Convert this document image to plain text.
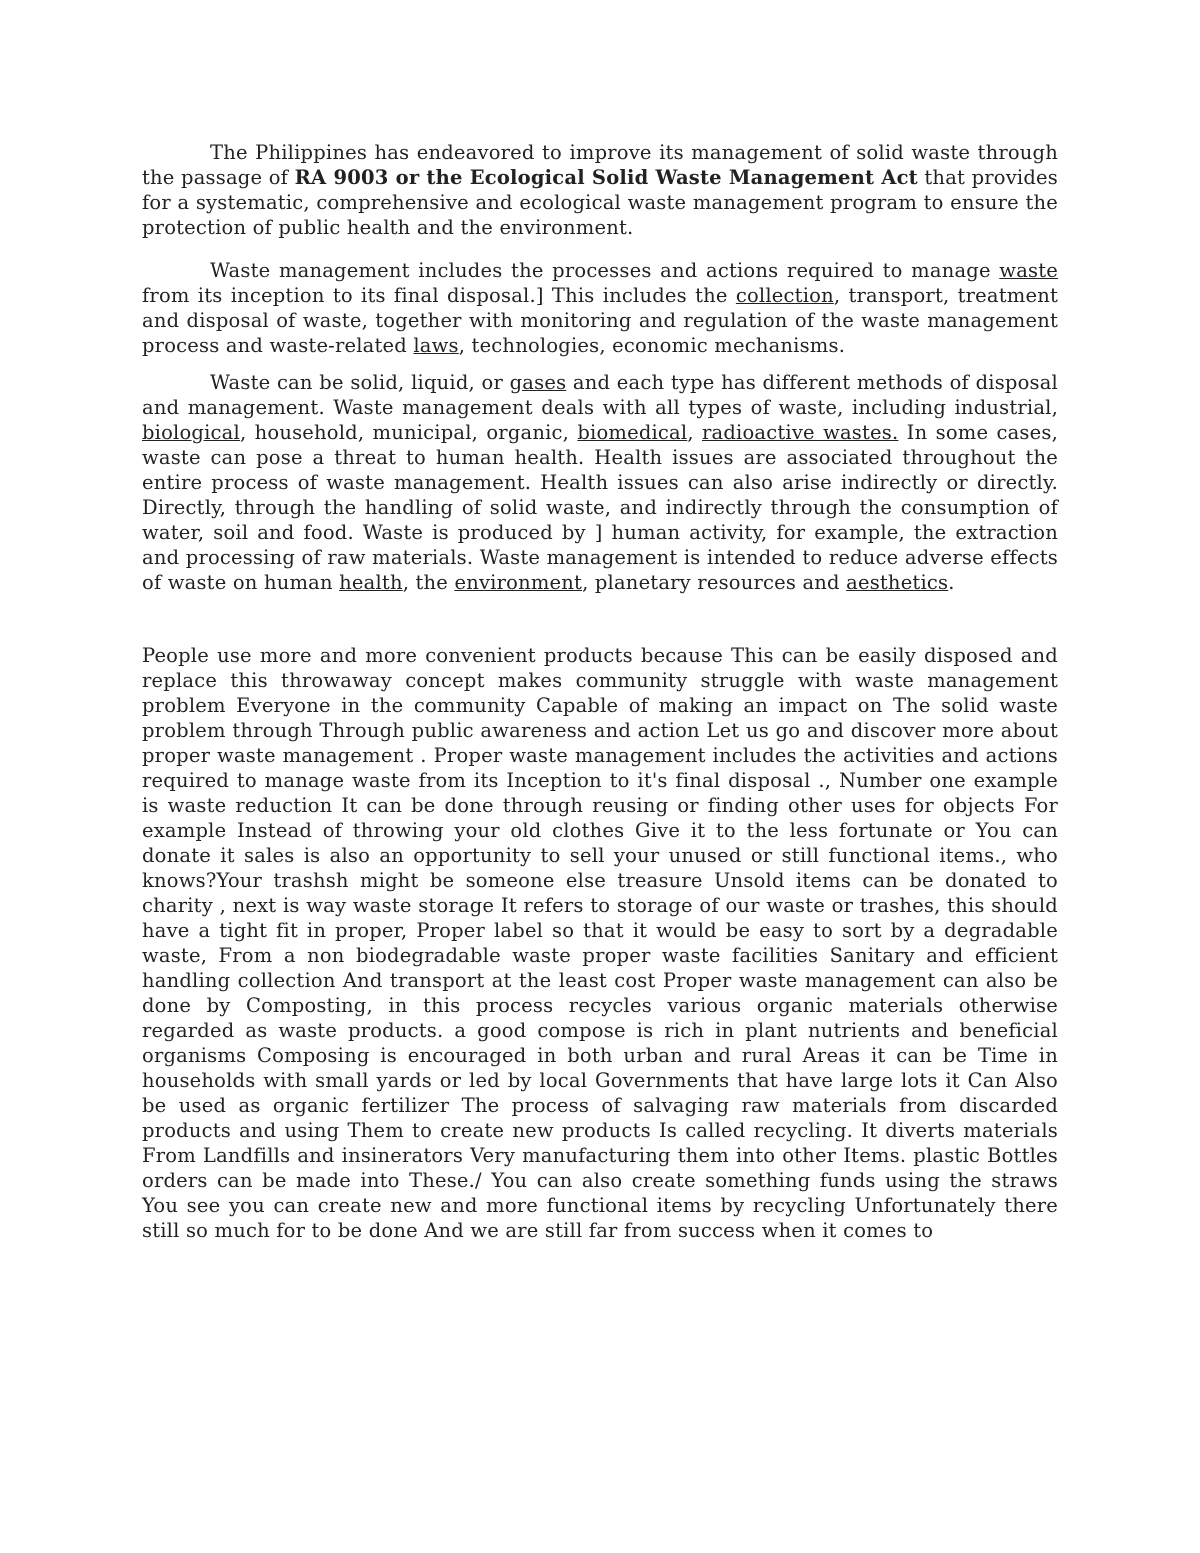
The Philippines has endeavored to improve its management of solid waste through the passage of RA 9003 or the Ecological Solid Waste Management Act that provides for a systematic, comprehensive and ecological waste management program to ensure the protection of public health and the environment.

Waste management includes the processes and actions required to manage waste from its inception to its final disposal.] This includes the collection, transport, treatment and disposal of waste, together with monitoring and regulation of the waste management process and waste-related laws, technologies, economic mechanisms.

Waste can be solid, liquid, or gases and each type has different methods of disposal and management. Waste management deals with all types of waste, including industrial, biological, household, municipal, organic, biomedical, radioactive wastes. In some cases, waste can pose a threat to human health. Health issues are associated throughout the entire process of waste management. Health issues can also arise indirectly or directly. Directly, through the handling of solid waste, and indirectly through the consumption of water, soil and food. Waste is produced by ] human activity, for example, the extraction and processing of raw materials. Waste management is intended to reduce adverse effects of waste on human health, the environment, planetary resources and aesthetics.

People use more and more convenient products because This can be easily disposed and replace this throwaway concept makes community struggle with waste management problem Everyone in the community Capable of making an impact on The solid waste problem through Through public awareness and action Let us go and discover more about proper waste management . Proper waste management includes the activities and actions required to manage waste from its Inception to it's final disposal ., Number one example is waste reduction It can be done through reusing or finding other uses for objects For example Instead of throwing your old clothes Give it to the less fortunate or You can donate it sales is also an opportunity to sell your unused or still functional items., who knows?Your trashsh might be someone else treasure Unsold items can be donated to charity , next is way waste storage It refers to storage of our waste or trashes, this should have a tight fit in proper, Proper label so that it would be easy to sort by a degradable waste, From a non biodegradable waste proper waste facilities Sanitary and efficient handling collection And transport at the least cost Proper waste management can also be done by Composting, in this process recycles various organic materials otherwise regarded as waste products. a good compose is rich in plant nutrients and beneficial organisms Composing is encouraged in both urban and rural Areas it can be Time in households with small yards or led by local Governments that have large lots it Can Also be used as organic fertilizer The process of salvaging raw materials from discarded products and using Them to create new products Is called recycling. It diverts materials From Landfills and insinerators Very manufacturing them into other Items. plastic Bottles orders can be made into These./ You can also create something funds using the straws You see you can create new and more functional items by recycling Unfortunately there still so much for to be done And we are still far from success when it comes to
